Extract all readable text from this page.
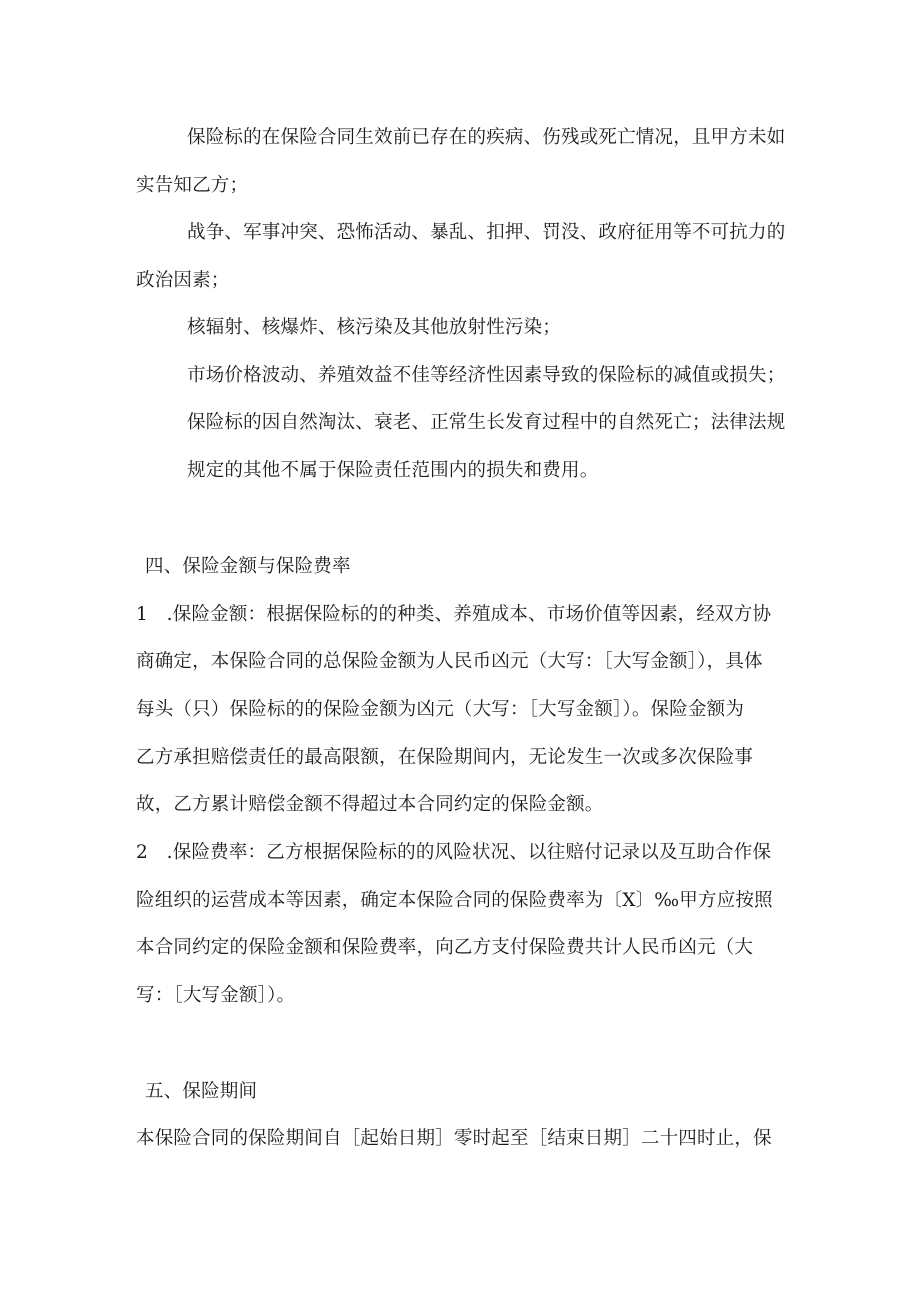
保险标的在保险合同生效前已存在的疾病、伤残或死亡情况，且甲方未如
实告知乙方；
战争、军事冲突、恐怖活动、暴乱、扣押、罚没、政府征用等不可抗力的
政治因素；
核辐射、核爆炸、核污染及其他放射性污染；
市场价格波动、养殖效益不佳等经济性因素导致的保险标的减值或损失；
保险标的因自然淘汰、衰老、正常生长发育过程中的自然死亡；法律法规
规定的其他不属于保险责任范围内的损失和费用。
四、保险金额与保险费率
1　.保险金额：根据保险标的的种类、养殖成本、市场价值等因素，经双方协
商确定，本保险合同的总保险金额为人民币凶元（大写：［大写金额］），具体
每头（只）保险标的的保险金额为凶元（大写：［大写金额］）。保险金额为
乙方承担赔偿责任的最高限额，在保险期间内，无论发生一次或多次保险事
故，乙方累计赔偿金额不得超过本合同约定的保险金额。
2　.保险费率：乙方根据保险标的的风险状况、以往赔付记录以及互助合作保
险组织的运营成本等因素，确定本保险合同的保险费率为〔X〕‰甲方应按照
本合同约定的保险金额和保险费率，向乙方支付保险费共计人民币凶元（大
写：［大写金额］）。
五、保险期间
本保险合同的保险期间自［起始日期］零时起至［结束日期］二十四时止，保
